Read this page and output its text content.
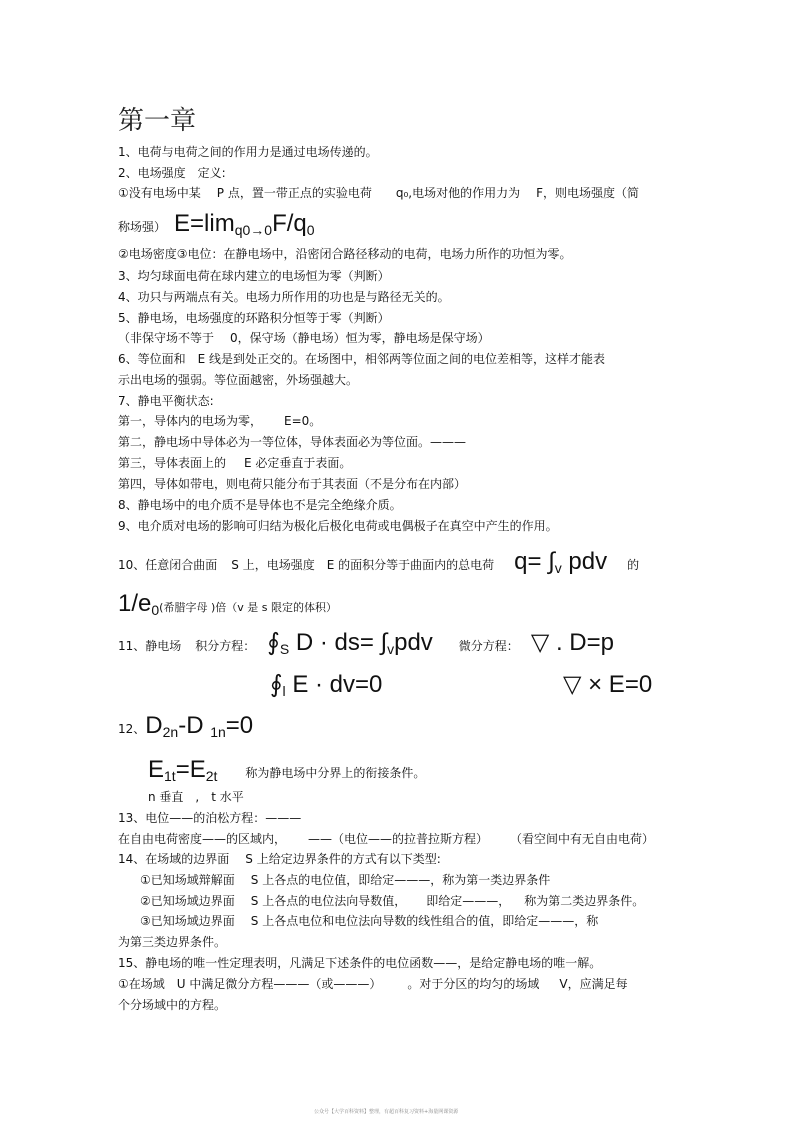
第一章
1、电荷与电荷之间的作用力是通过电场传递的。
2、电场强度　定义:
①没有电场中某 P 点，置一带正点的实验电荷 q₀,电场对他的作用力为 F，则电场强度（简
称场强） $E=\lim_{q0\to 0}F/q_0$
②电场密度③电位：在静电场中，沿密闭合路径移动的电荷，电场力所作的功恒为零。
3、均匀球面电荷在球内建立的电场恒为零（判断）
4、功只与两端点有关。电场力所作用的功也是与路径无关的。
5、静电场，电场强度的环路积分恒等于零（判断）
（非保守场不等于 0，保守场（静电场）恒为零，静电场是保守场）
6、等位面和 E 线是到处正交的。在场图中，相邻两等位面之间的电位差相等，这样才能表
示出电场的强弱。等位面越密，外场强越大。
7、静电平衡状态:
第一，导体内的电场为零， E=0。
第二，静电场中导体必为一等位体，导体表面必为等位面。———
第三，导体表面上的 E 必定垂直于表面。
第四，导体如带电，则电荷只能分布于其表面（不是分布在内部）
8、静电场中的电介质不是导体也不是完全绝缘介质。
9、电介质对电场的影响可归结为极化后极化电荷或电偶极子在真空中产生的作用。
10、任意闭合曲面 S 上，电场强度 E 的面积分等于曲面内的总电荷 $q= \int_v$ pdv 的
$1/e_0$(希腊字母 )倍（v 是 s 限定的体积）
11、静电场 积分方程： $∮_S$ $D \cdot ds= \int_vpdv$ 微分方程： ▽ . D=p
$∮_l$ E · dv=0	▽ × E=0
12、$D_{2n}-D$ $_{1n}$=0
$E_{1t}=E_{2t}$ 称为静电场中分界上的衔接条件。
n 垂直　,　t 水平
13、电位——的泊松方程：———
在自由电荷密度——的区域内， ——（电位——的拉普拉斯方程） （看空间中有无自由电荷）
14、在场域的边界面 S 上给定边界条件的方式有以下类型:
①已知场域辩解面 S 上各点的电位值，即给定———，称为第一类边界条件
②已知场域边界面 S 上各点的电位法向导数值， 即给定———， 称为第二类边界条件。
③已知场域边界面 S 上各点电位和电位法向导数的线性组合的值，即给定———，称
为第三类边界条件。
15、静电场的唯一性定理表明，凡满足下述条件的电位函数——，是给定静电场的唯一解。
①在场域 U 中满足微分方程———（或———） 。对于分区的均匀的场域 V，应满足每
个分场域中的方程。
公众号【大学百科资料】整理，有超百科复习资料+海量网课资源
